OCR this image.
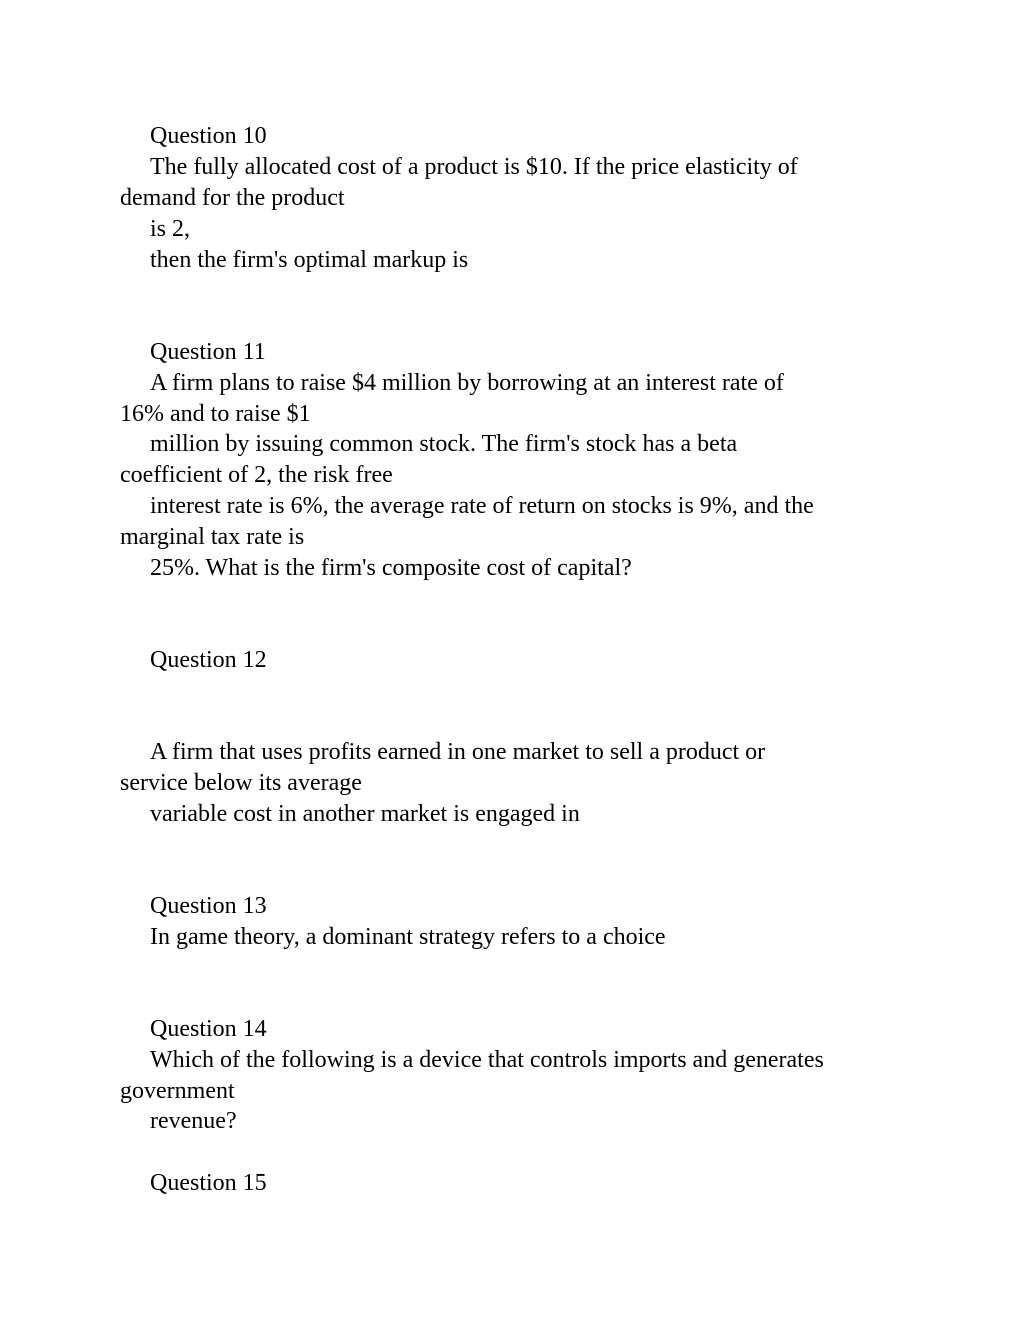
Question 10
The fully allocated cost of a product is $10. If the price elasticity of
demand for the product
is 2,
then the firm's optimal markup is
Question 11
A firm plans to raise $4 million by borrowing at an interest rate of
16% and to raise $1
million by issuing common stock. The firm's stock has a beta
coefficient of 2, the risk free
interest rate is 6%, the average rate of return on stocks is 9%, and the
marginal tax rate is
25%. What is the firm's composite cost of capital?
Question 12
A firm that uses profits earned in one market to sell a product or
service below its average
variable cost in another market is engaged in
Question 13
In game theory, a dominant strategy refers to a choice
Question 14
Which of the following is a device that controls imports and generates
government
revenue?
Question 15
